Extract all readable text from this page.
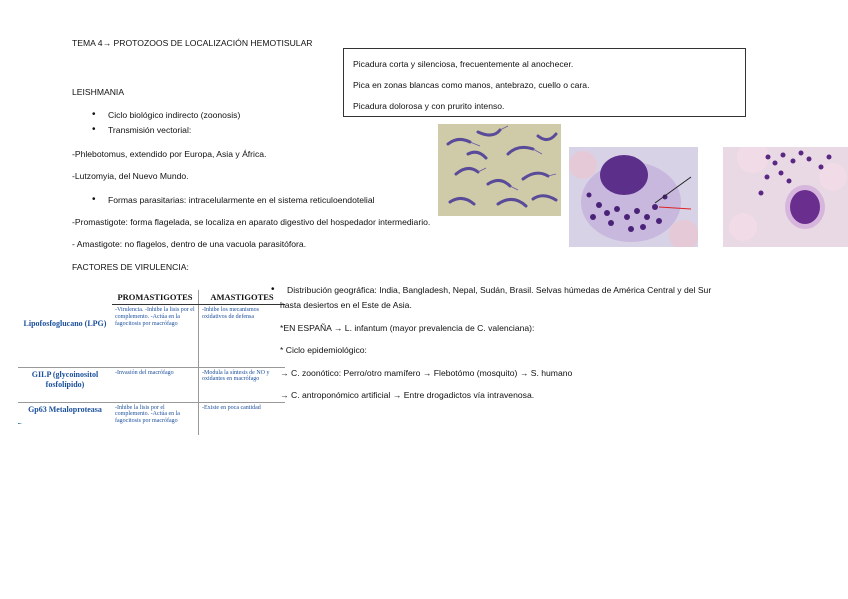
TEMA 4→ PROTOZOOS DE LOCALIZACIÓN HEMOTISULAR
Picadura corta y silenciosa, frecuentemente al anochecer.
Pica en zonas blancas como manos, antebrazo, cuello o cara.
Picadura dolorosa y con prurito intenso.
LEISHMANIA
• Ciclo biológico indirecto (zoonosis)
• Transmisión vectorial:
-Phlebotomus, extendido por Europa, Asia y África.
-Lutzomyia, del Nuevo Mundo.
• Formas parasitarias: intracelularmente en el sistema reticuloendotelial
-Promastigote: forma flagelada, se localiza en aparato digestivo del hospedador intermediario.
- Amastigote: no flagelos, dentro de una vacuola parasitófora.
FACTORES DE VIRULENCIA:
	PROMASTIGOTES	AMASTIGOTES
Lipofosfoglucano (LPG)	-Virulencia. -Inhibe la lisis por el complemento. -Actúa en la fagocitosis por macrófago	-Inhibe los mecanismos oxidativos de defensa
GILP (glycoinositol fosfolípido)	-Invasión del macrófago	-Modula la síntesis de NO y oxidantes en macrófago
Gp63 Metaloproteasa	-Inhibe la lisis por el complemento. -Actúa en la fagocitosis por macrófago	-Existe en poca cantidad
• Distribución geográfica: India, Bangladesh, Nepal, Sudán, Brasil. Selvas húmedas de América Central y del Sur
hasta desiertos en el Este de Asia.
*EN ESPAÑA → L. infantum (mayor prevalencia de C. valenciana):
* Ciclo epidemiológico:
→ C. zoonótico: Perro/otro mamífero → Flebotómo (mosquito) → S. humano
→ C. antroponómico artificial → Entre drogadictos vía intravenosa.
